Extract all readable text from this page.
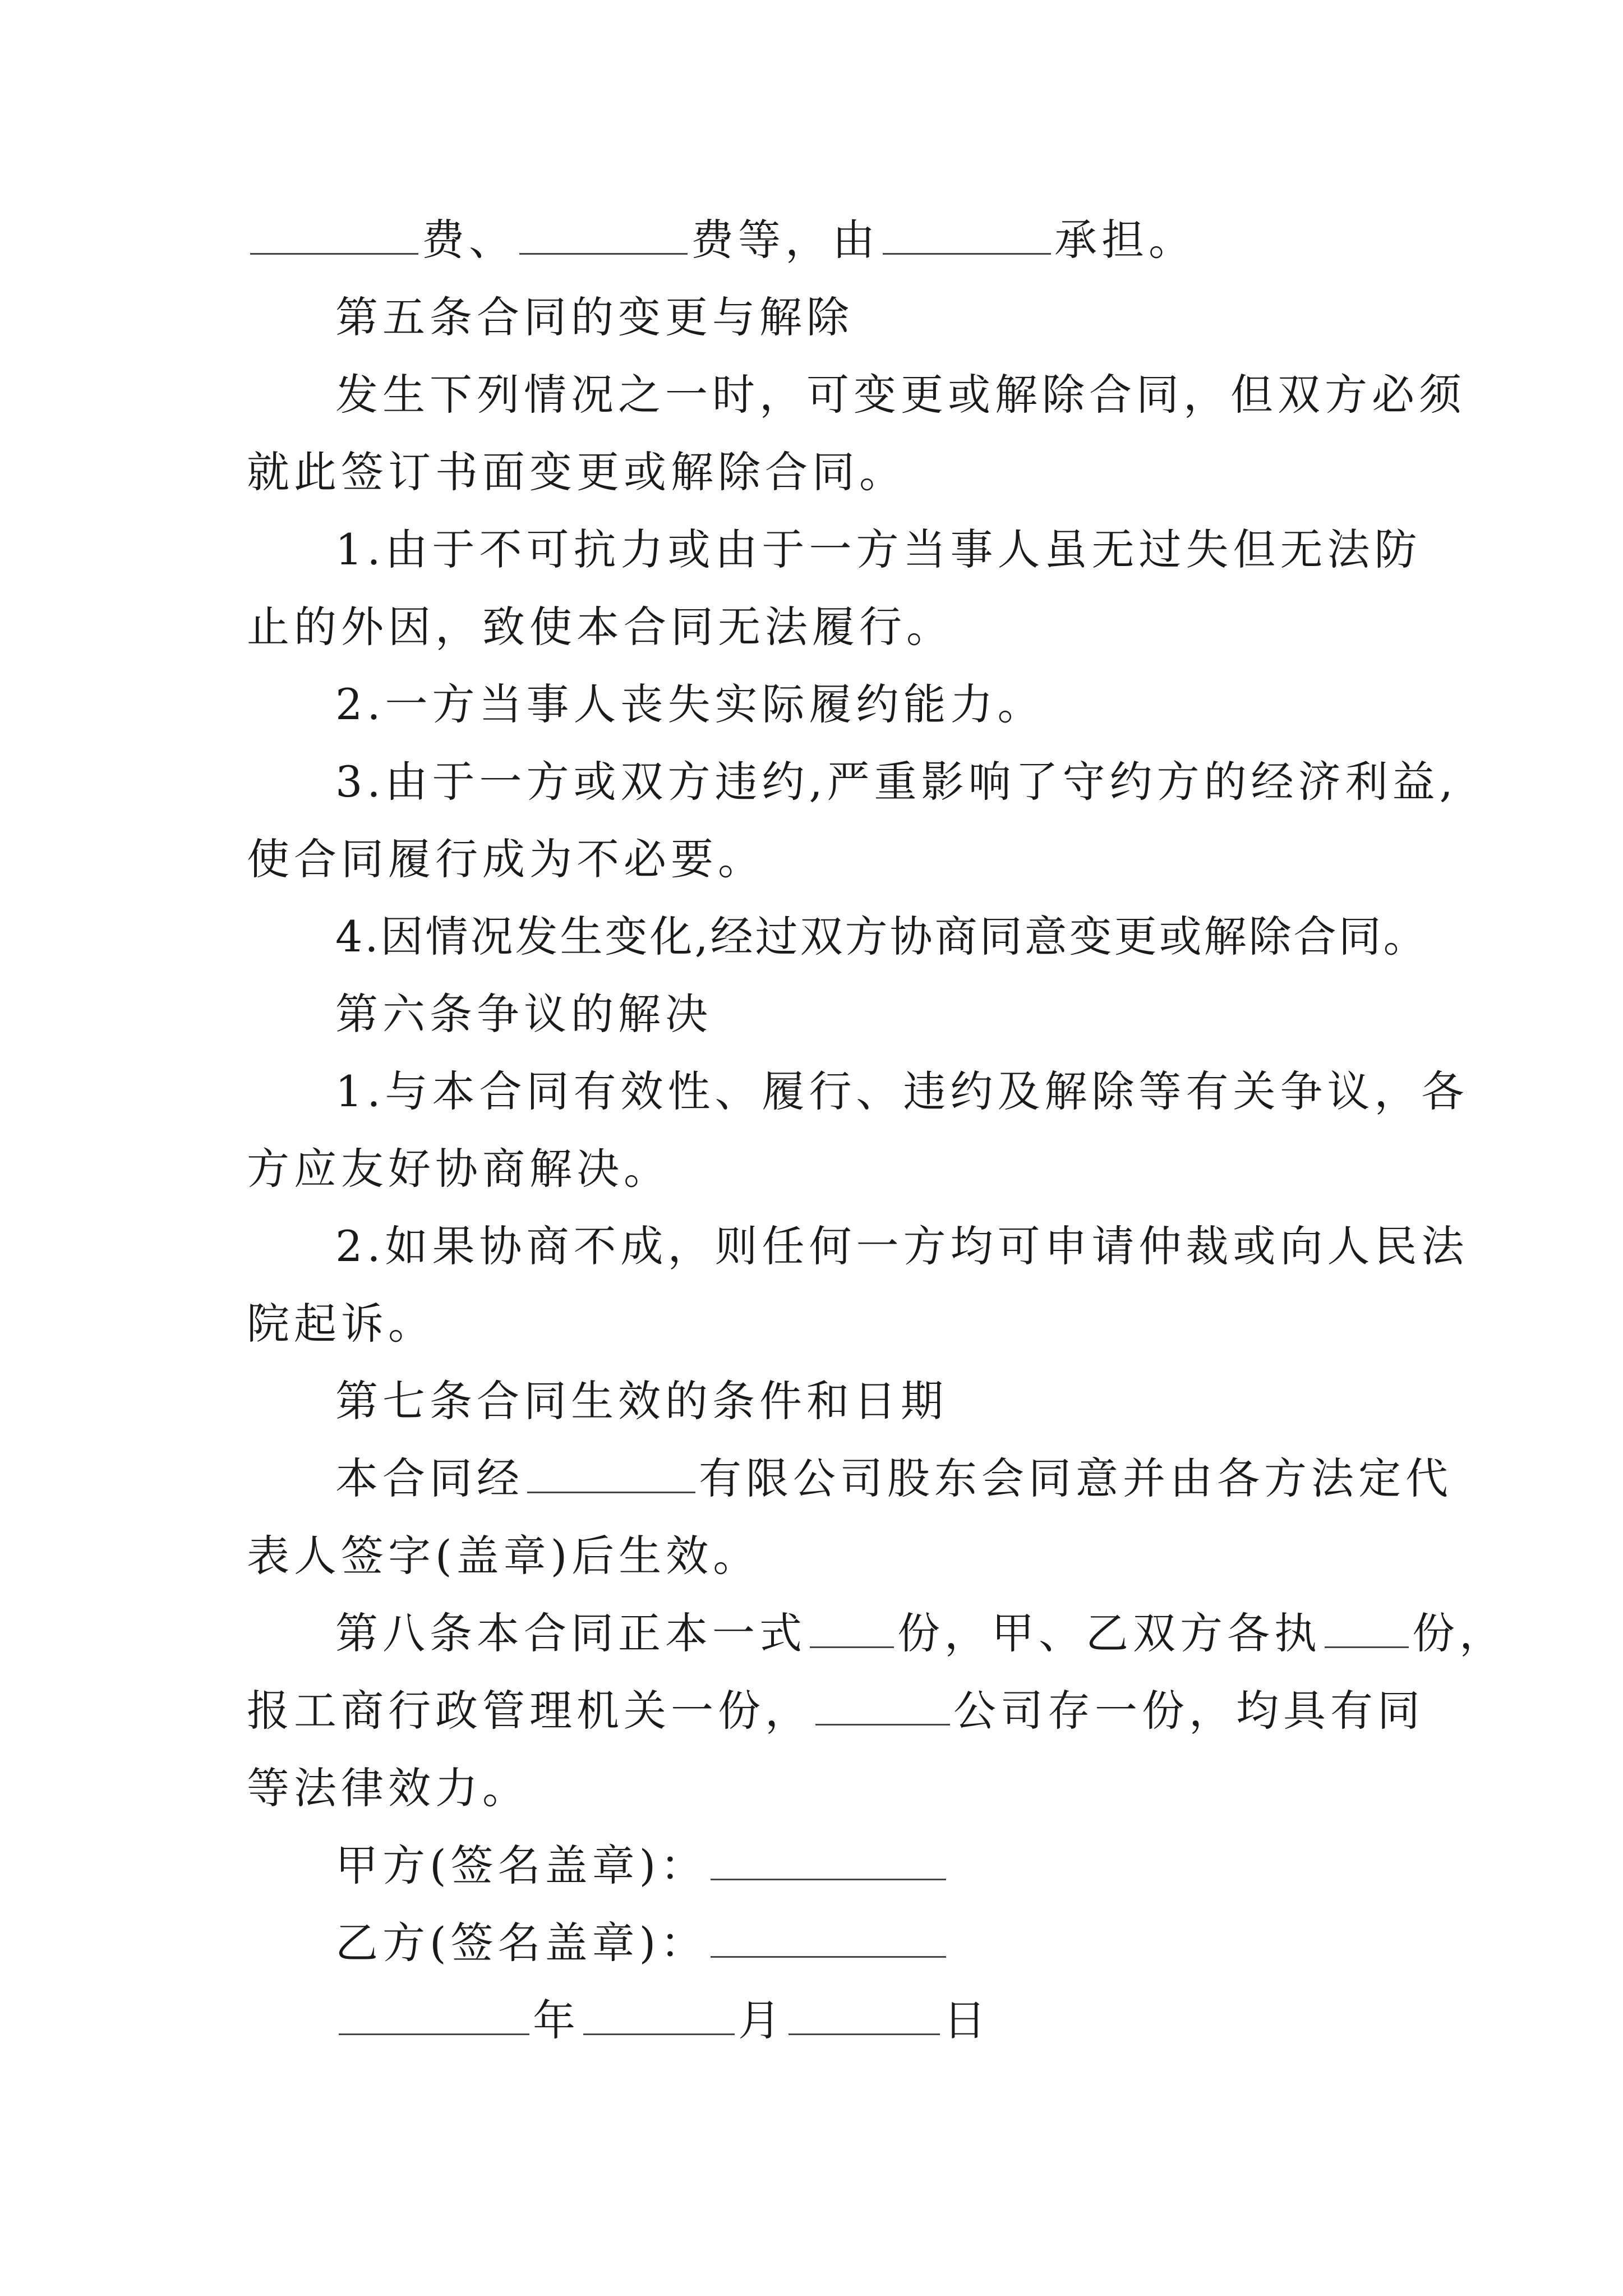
费、	费等，由	承担。
第五条合同的变更与解除
发生下列情况之一时，可变更或解除合同，但双方必须
就此签订书面变更或解除合同。
1.由于不可抗力或由于一方当事人虽无过失但无法防
止的外因，致使本合同无法履行。
2.一方当事人丧失实际履约能力。
3.由于一方或双方违约,严重影响了守约方的经济利益,
使合同履行成为不必要。
4.因情况发生变化,经过双方协商同意变更或解除合同。
第六条争议的解决
1.与本合同有效性、履行、违约及解除等有关争议，各
方应友好协商解决。
2.如果协商不成，则任何一方均可申请仲裁或向人民法
院起诉。
第七条合同生效的条件和日期
本合同经	有限公司股东会同意并由各方法定代
表人签字(盖章)后生效。
第八条本合同正本一式 份，甲、乙双方各执 份，
报工商行政管理机关一份，	公司存一份，均具有同
等法律效力。
甲方(签名盖章)：
乙方(签名盖章)：
年	月	日
